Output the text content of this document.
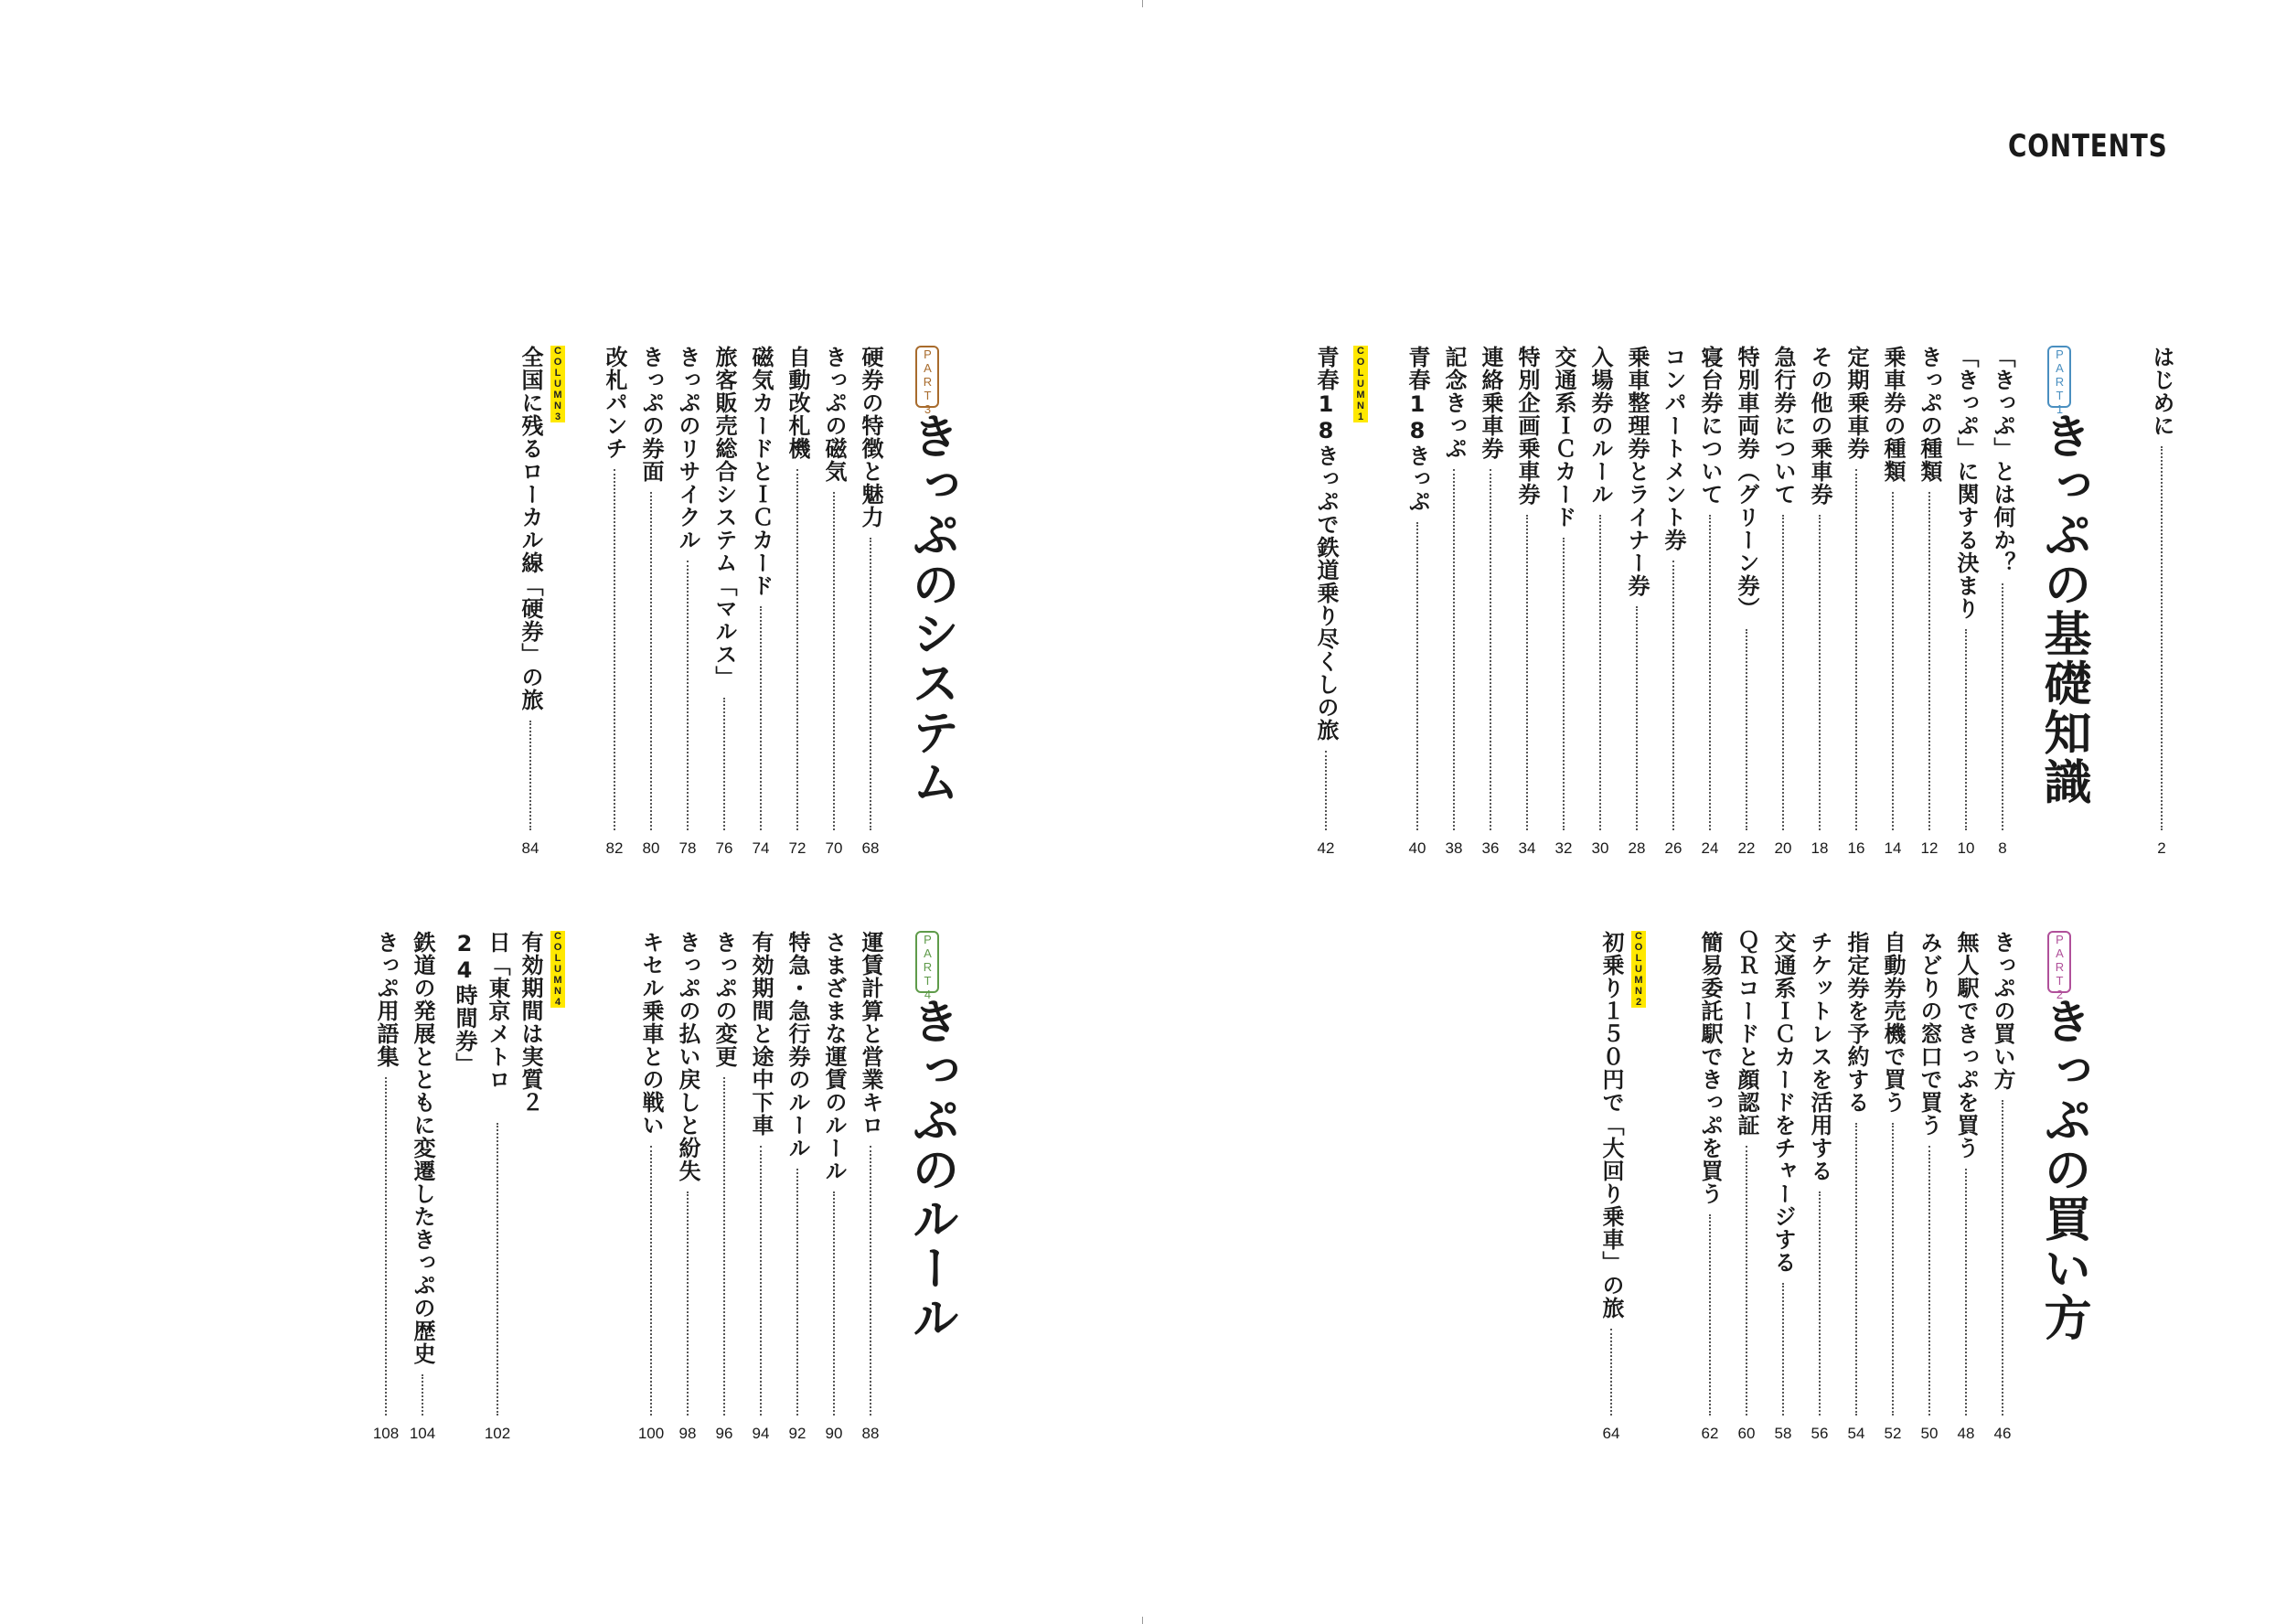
CONTENTS
はじめに
2
PART1
きっぷの基礎知識
「きっぷ」とは何か？
8
「きっぷ」に関する決まり
10
きっぷの種類
12
乗車券の種類
14
定期乗車券
16
その他の乗車券
18
急行券について
20
特別車両券（グリーン券）
22
寝台券について
24
コンパートメント券
26
乗車整理券とライナー券
28
入場券のルール
30
交通系ＩＣカード
32
特別企画乗車券
34
連絡乗車券
36
記念きっぷ
38
青春18きっぷ
40
COLUMN1
青春18きっぷで鉄道乗り尽くしの旅
42
PART3
きっぷのシステム
硬券の特徴と魅力
68
きっぷの磁気
70
自動改札機
72
磁気カードとＩＣカード
74
旅客販売総合システム「マルス」
76
きっぷのリサイクル
78
きっぷの券面
80
改札パンチ
82
COLUMN3
全国に残るローカル線「硬券」の旅
84
PART2
きっぷの買い方
きっぷの買い方
46
無人駅できっぷを買う
48
みどりの窓口で買う
50
自動券売機で買う
52
指定券を予約する
54
チケットレスを活用する
56
交通系ＩＣカードをチャージする
58
ＱＲコードと顔認証
60
簡易委託駅できっぷを買う
62
COLUMN2
初乗り１５０円で「大回り乗車」の旅
64
PART4
きっぷのルール
運賃計算と営業キロ
88
さまざまな運賃のルール
90
特急・急行券のルール
92
有効期間と途中下車
94
きっぷの変更
96
きっぷの払い戻しと紛失
98
キセル乗車との戦い
100
COLUMN4
有効期間は実質２日「東京メトロ24時間券」
102
鉄道の発展とともに変遷したきっぷの歴史
104
きっぷ用語集
108
